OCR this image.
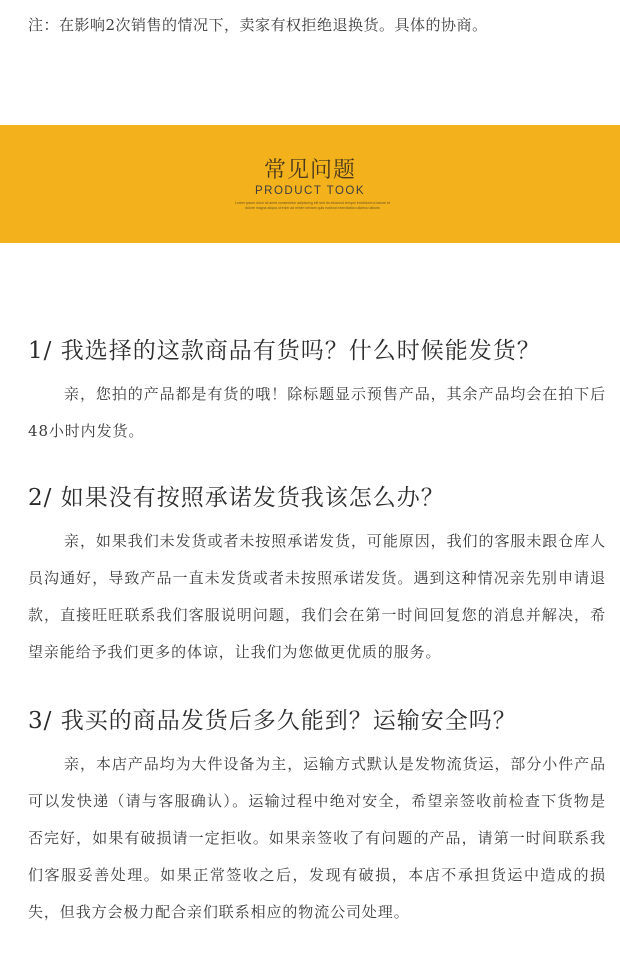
注：在影响2次销售的情况下，卖家有权拒绝退换货。具体的协商。
常见问题
PRODUCT TOOK
Lorem ipsum dolor sit amet consectetur adipiscing elit sed do eiusmod tempor incididunt ut labore et dolore magna aliqua ut enim ad minim veniam quis nostrud exercitation ullamco laboris
1/ 我选择的这款商品有货吗？什么时候能发货？

亲，您拍的产品都是有货的哦！除标题显示预售产品，其余产品均会在拍下后48小时内发货。

2/ 如果没有按照承诺发货我该怎么办？

亲，如果我们未发货或者未按照承诺发货，可能原因，我们的客服未跟仓库人员沟通好，导致产品一直未发货或者未按照承诺发货。遇到这种情况亲先别申请退款，直接旺旺联系我们客服说明问题，我们会在第一时间回复您的消息并解决，希望亲能给予我们更多的体谅，让我们为您做更优质的服务。

3/ 我买的商品发货后多久能到？运输安全吗？

亲，本店产品均为大件设备为主，运输方式默认是发物流货运，部分小件产品可以发快递（请与客服确认）。运输过程中绝对安全，希望亲签收前检查下货物是否完好，如果有破损请一定拒收。如果亲签收了有问题的产品，请第一时间联系我们客服妥善处理。如果正常签收之后，发现有破损，本店不承担货运中造成的损失，但我方会极力配合亲们联系相应的物流公司处理。
